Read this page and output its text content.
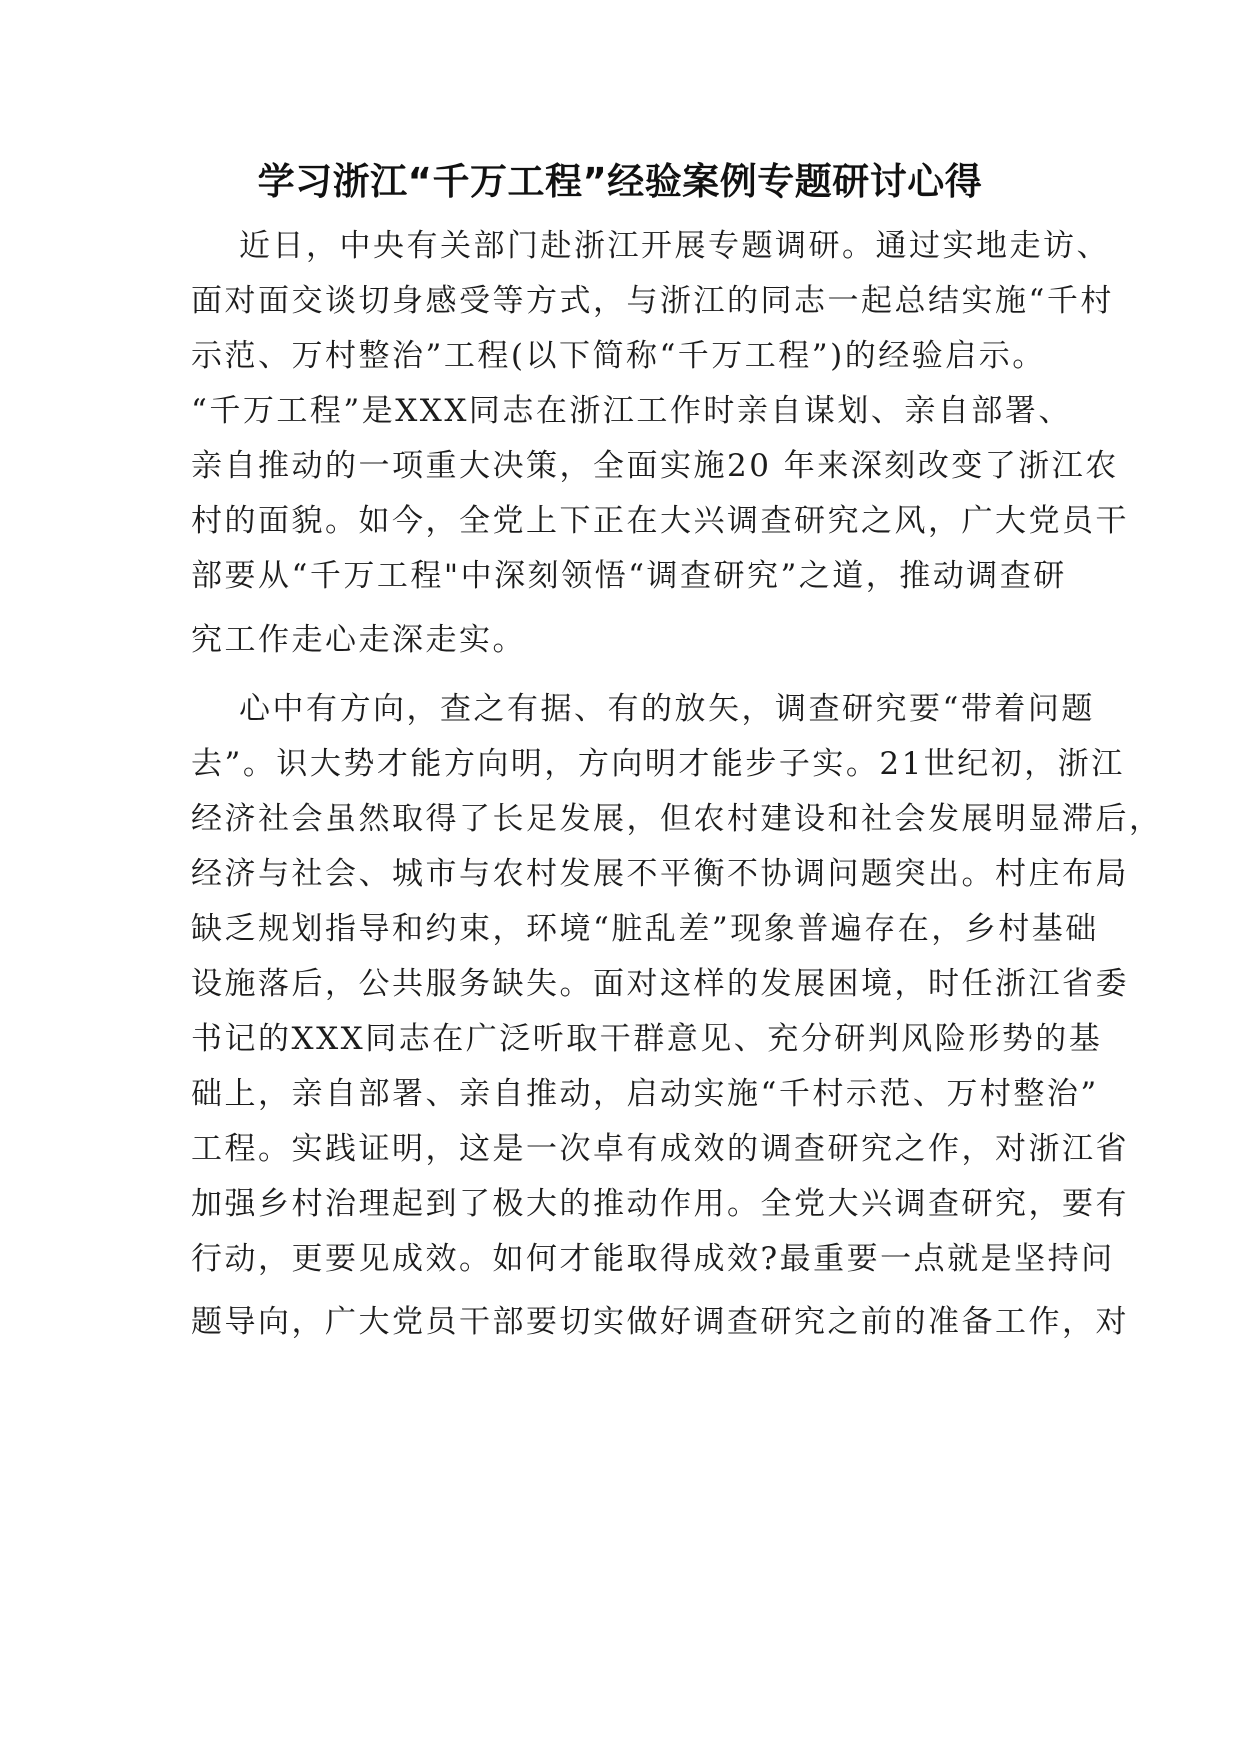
学习浙江“千万工程”经验案例专题研讨心得
近日，中央有关部门赴浙江开展专题调研。通过实地走访、
面对面交谈切身感受等方式，与浙江的同志一起总结实施“千村
示范、万村整治”工程(以下简称“千万工程”)的经验启示。
“千万工程”是XXX同志在浙江工作时亲自谋划、亲自部署、
亲自推动的一项重大决策，全面实施20 年来深刻改变了浙江农
村的面貌。如今，全党上下正在大兴调查研究之风，广大党员干
部要从“千万工程"中深刻领悟“调查研究”之道，推动调查研
究工作走心走深走实。
心中有方向，查之有据、有的放矢，调查研究要“带着问题
去”。识大势才能方向明，方向明才能步子实。21世纪初，浙江
经济社会虽然取得了长足发展，但农村建设和社会发展明显滞后，
经济与社会、城市与农村发展不平衡不协调问题突出。村庄布局
缺乏规划指导和约束，环境“脏乱差”现象普遍存在，乡村基础
设施落后，公共服务缺失。面对这样的发展困境，时任浙江省委
书记的XXX同志在广泛听取干群意见、充分研判风险形势的基
础上，亲自部署、亲自推动，启动实施“千村示范、万村整治”
工程。实践证明，这是一次卓有成效的调查研究之作，对浙江省
加强乡村治理起到了极大的推动作用。全党大兴调查研究，要有
行动，更要见成效。如何才能取得成效?最重要一点就是坚持问
题导向，广大党员干部要切实做好调查研究之前的准备工作，对
